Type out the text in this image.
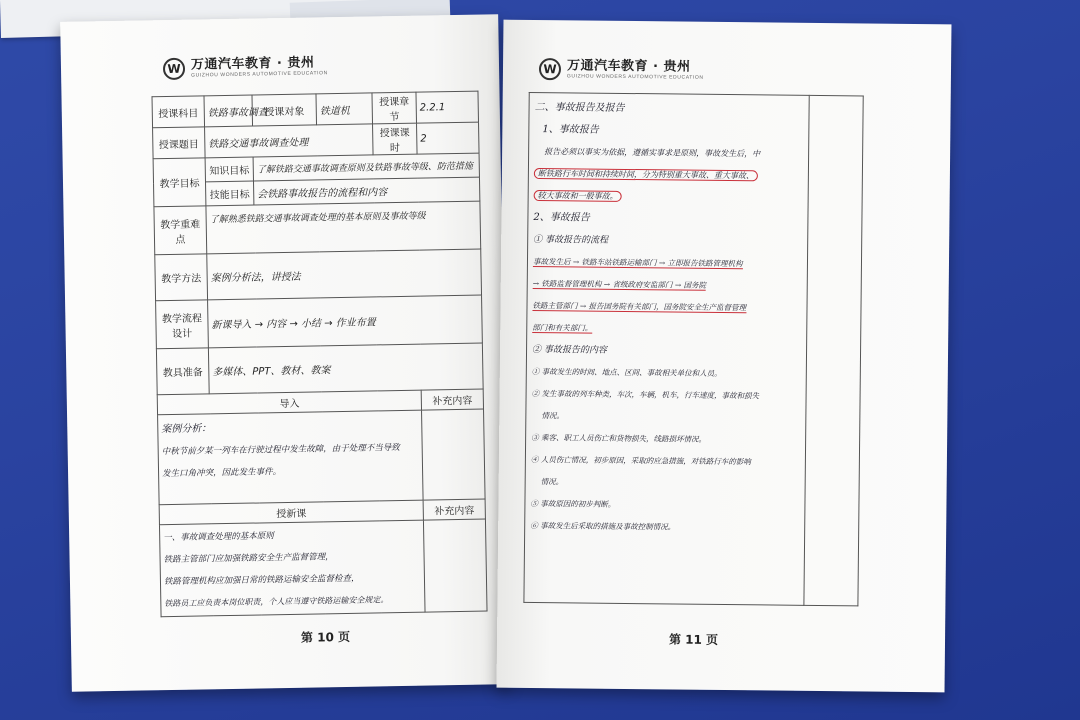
W 万通汽车教育 · 贵州
GUIZHOU WONDERS AUTOMOTIVE EDUCATION
授课科目	铁路事故调查	授课对象	铁道机	授课章节	2.2.1
授课题目	铁路交通事故调查处理			授课课时	2
教学目标	知识目标	了解铁路交通事故调查原则及铁路事故等级、防范措施			
	技能目标	会铁路事故报告的流程和内容			
教学重难点	了解熟悉铁路交通事故调查处理的基本原则及事故等级				
教学方法	案例分析法，讲授法				
教学流程设计	新课导入 → 内容 → 小结 → 作业布置				
教具准备	多媒体、PPT、教材、教案				
导入					补充内容

案例分析：
中秋节前夕某一列车在行驶过程中发生故障，由于处理不当导致
发生口角冲突，因此发生事件。					

授新课					补充内容

一、事故调查处理的基本原则
铁路主管部门应加强铁路安全生产监督管理，
铁路管理机构应加强日常的铁路运输安全监督检查，
铁路员工应负责本岗位职责，个人应当遵守铁路运输安全规定。					

第 10 页
W 万通汽车教育 · 贵州
GUIZHOU WONDERS AUTOMOTIVE EDUCATION
二、事故报告及报告
1、事故报告
报告必须以事实为依据，遵循实事求是原则，事故发生后，中
断铁路行车时间和持续时间，分为特别重大事故、重大事故、
较大事故和一般事故。
2、事故报告
① 事故报告的流程
事故发生后 → 铁路车站铁路运输部门 → 立即报告铁路管理机构
→ 铁路监督管理机构 → 省级政府安监部门 → 国务院
铁路主管部门 → 报告国务院有关部门，国务院安全生产监督管理
部门和有关部门。
② 事故报告的内容
① 事故发生的时间、地点、区间、事故相关单位和人员。
② 发生事故的列车种类，车次，车辆，机车，行车速度，事故和损失
情况。
③ 乘客、职工人员伤亡和货物损失，线路损坏情况。
④ 人员伤亡情况，初步原因，采取的应急措施，对铁路行车的影响
情况。
⑤ 事故原因的初步判断。
⑥ 事故发生后采取的措施及事故控制情况。

第 11 页
